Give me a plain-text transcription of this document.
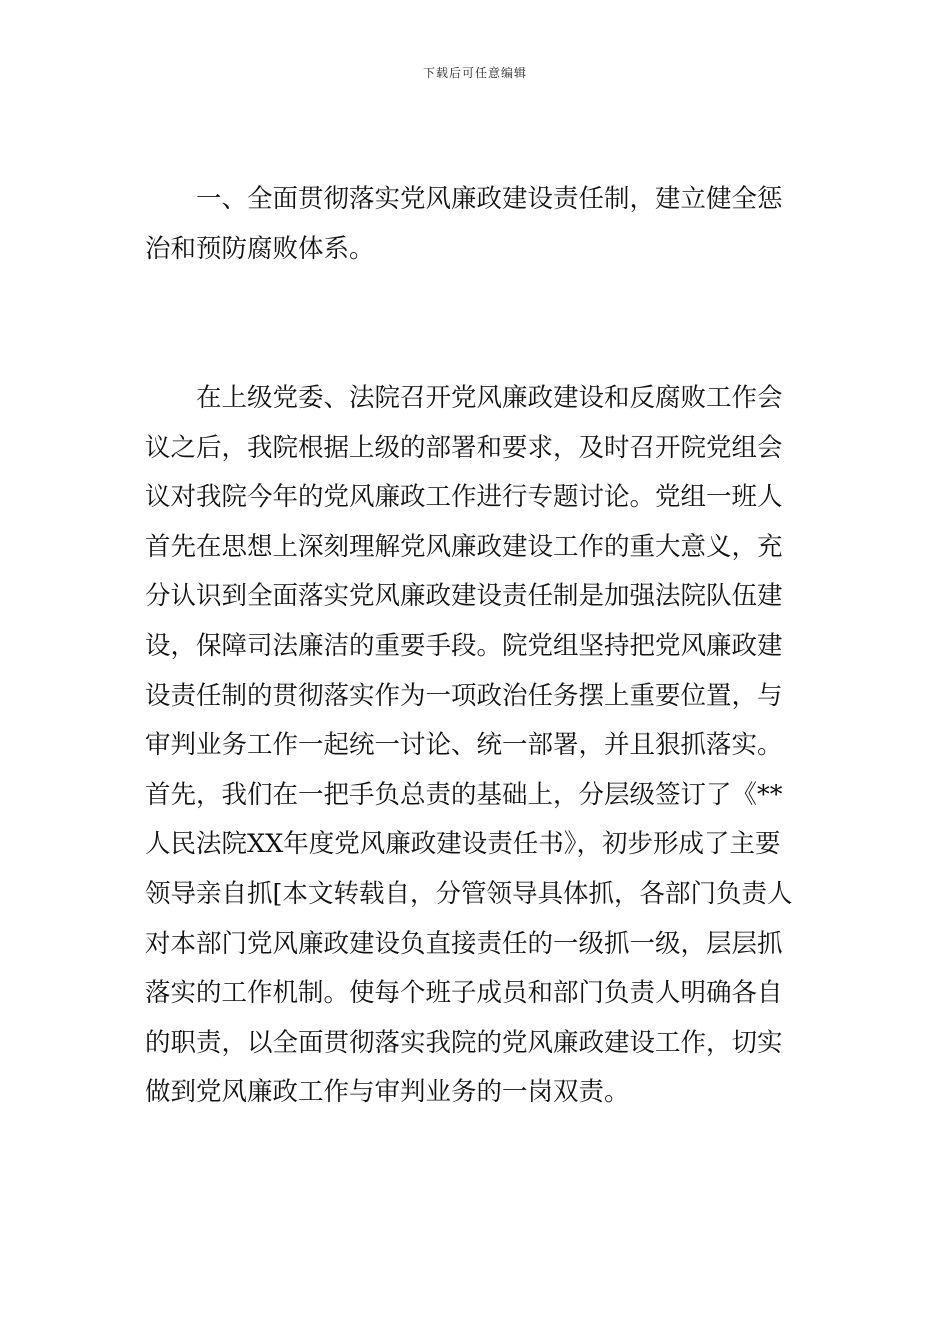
下载后可任意编辑
　　一、全面贯彻落实党风廉政建设责任制，建立健全惩
治和预防腐败体系。
　　在上级党委、法院召开党风廉政建设和反腐败工作会
议之后，我院根据上级的部署和要求，及时召开院党组会
议对我院今年的党风廉政工作进行专题讨论。党组一班人
首先在思想上深刻理解党风廉政建设工作的重大意义，充
分认识到全面落实党风廉政建设责任制是加强法院队伍建
设，保障司法廉洁的重要手段。院党组坚持把党风廉政建
设责任制的贯彻落实作为一项政治任务摆上重要位置，与
审判业务工作一起统一讨论、统一部署，并且狠抓落实。
首先，我们在一把手负总责的基础上，分层级签订了《**
人民法院XX年度党风廉政建设责任书》，初步形成了主要
领导亲自抓[本文转载自，分管领导具体抓，各部门负责人
对本部门党风廉政建设负直接责任的一级抓一级，层层抓
落实的工作机制。使每个班子成员和部门负责人明确各自
的职责，以全面贯彻落实我院的党风廉政建设工作，切实
做到党风廉政工作与审判业务的一岗双责。
